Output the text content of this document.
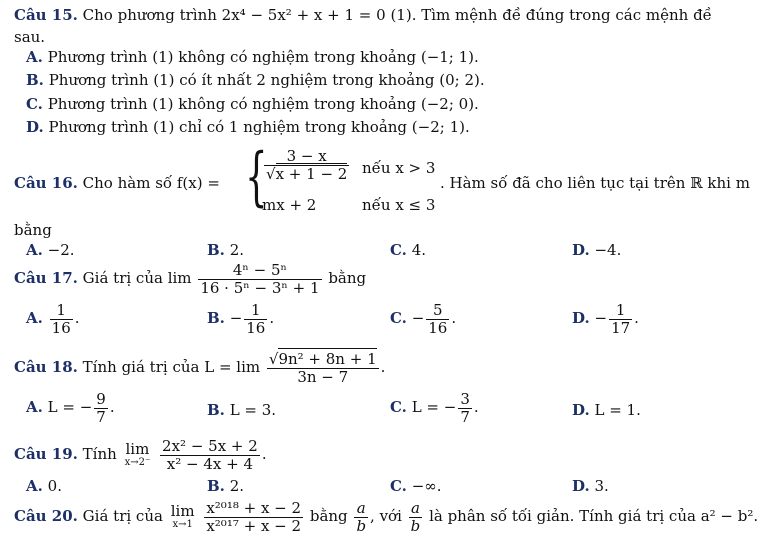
Câu 15. Cho phương trình 2x⁴ − 5x² + x + 1 = 0 (1). Tìm mệnh đề đúng trong các mệnh đề
sau.
A. Phương trình (1) không có nghiệm trong khoảng (−1; 1).
B. Phương trình (1) có ít nhất 2 nghiệm trong khoảng (0; 2).
C. Phương trình (1) không có nghiệm trong khoảng (−2; 0).
D. Phương trình (1) chỉ có 1 nghiệm trong khoảng (−2; 1).
Câu 16. Cho hàm số f(x) = {
$\frac{3 - x}{√x + 1 - 2}$ nếu x > 3
mx + 2	nếu x ≤ 3
. Hàm số đã cho liên tục tại trên ℝ khi m
bằng
A. −2.	B. 2.	C. 4.	D. −4.
Câu 17. Giá trị của $\lim \frac{\text{4ⁿ − 5ⁿ}}{\text{16 · 5ⁿ − 3ⁿ + 1}}$ bằng
A. $\frac{1}{16}$ .	B. − $\frac{1}{16}$ .	C. − $\frac{5}{16}$ .	D. − $\frac{1}{17}$ .
Câu 18. Tính giá trị của $L = \lim \frac{\text{√9n² + 8n + 1}}{3n - 7}$ .
A. L = − $\frac{9}{7}$ .	B. L = 3.	C. L = − $\frac{3}{7}$ .	D. L = 1.
Câu 19. Tính lim
x→2⁻
$\frac{\text{2x² − 5x + 2}}{\text{x² − 4x + 4}}$ .
A. 0.	B. 2.	C. −∞.	D. 3.
Câu 20. Giá trị của lim
x→1
$\frac{\text{x²⁰¹⁸ + x − 2}}{\text{x²⁰¹⁷ + x − 2}}$ bằng $\frac{a}{b}$ , với $\frac{a}{b}$ là phân số tối giản. Tính giá trị của a² − b².
